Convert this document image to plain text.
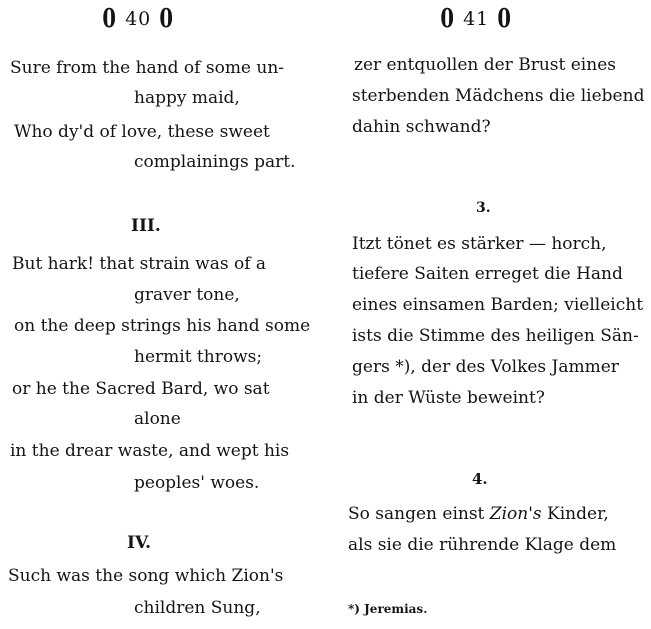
0 40 0
Sure from the hand of some un-
happy maid,
Who dy'd of love, these sweet
complainings part.
III.
But hark! that strain was of a
graver tone,
on the deep strings his hand some
hermit throws;
or he the Sacred Bard, wo sat
alone
in the drear waste, and wept his
peoples' woes.
IV.
Such was the song which Zion's
children Sung,
0 41 0
zer entquollen der Brust eines
sterbenden Mädchens die liebend
dahin schwand?
3.
Itzt tönet es stärker — horch,
tiefere Saiten erreget die Hand
eines einsamen Barden; vielleicht
ists die Stimme des heiligen Sän-
gers *), der des Volkes Jammer
in der Wüste beweint?
4.
So sangen einst Zion's Kinder,
als sie die rührende Klage dem
*) Jeremias.
